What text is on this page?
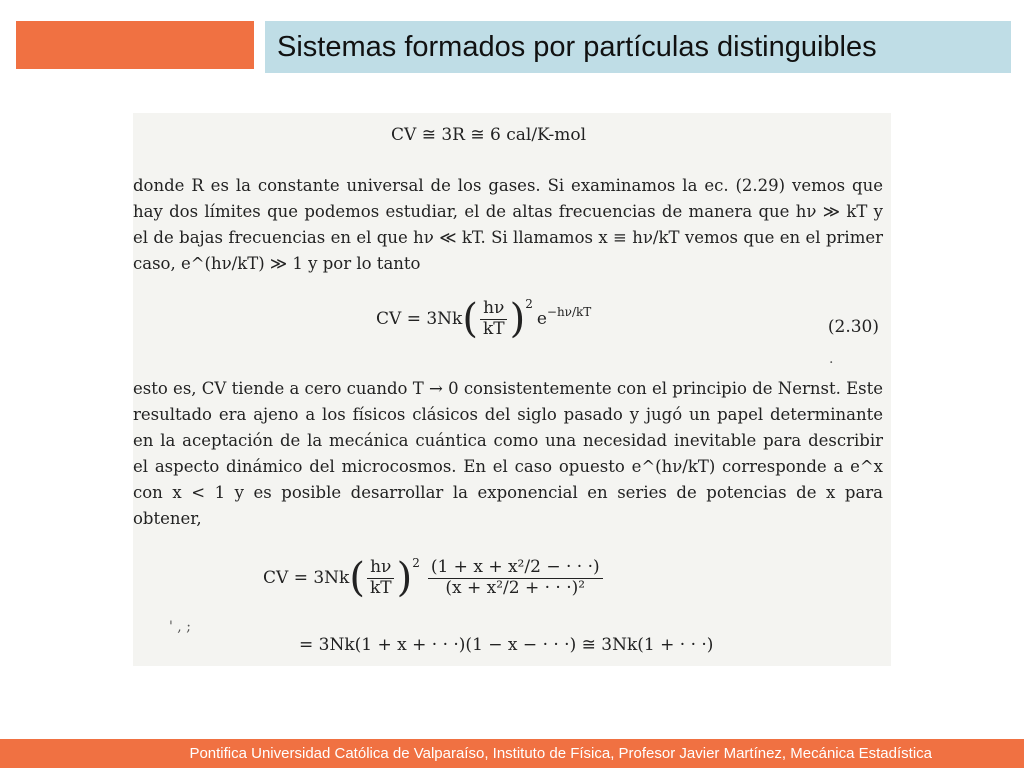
Sistemas formados por partículas distinguibles
CV ≅ 3R ≅ 6 cal/K-mol
donde R es la constante universal de los gases. Si examinamos la ec. (2.29) vemos que hay dos límites que podemos estudiar, el de altas frecuencias de manera que hν ≫ kT y el de bajas frecuencias en el que hν ≪ kT. Si llamamos x ≡ hν/kT vemos que en el primer caso, e^(hν/kT) ≫ 1 y por lo tanto
CV = 3Nk ( $\frac{h\nu}{kT} )^2$
$e^{-h\nu/kT}$
(2.30)
.
esto es, CV tiende a cero cuando T → 0 consistentemente con el principio de Nernst. Este resultado era ajeno a los físicos clásicos del siglo pasado y jugó un papel determinante en la aceptación de la mecánica cuántica como una necesidad inevitable para describir el aspecto dinámico del microcosmos. En el caso opuesto e^(hν/kT) corresponde a e^x con x < 1 y es posible desarrollar la exponencial en series de potencias de x para obtener,
CV = 3Nk ( $\frac{h\nu}{kT} )^2 \frac{\text{(1 + x + x²/2 − · · ·)}}{\text{(x + x²/2 + · · ·)²}}$
' , ;
= 3Nk(1 + x + · · ·)(1 − x − · · ·) ≅ 3Nk(1 + · · ·)
Pontifica Universidad Católica de Valparaíso, Instituto de Física, Profesor Javier Martínez, Mecánica Estadística
